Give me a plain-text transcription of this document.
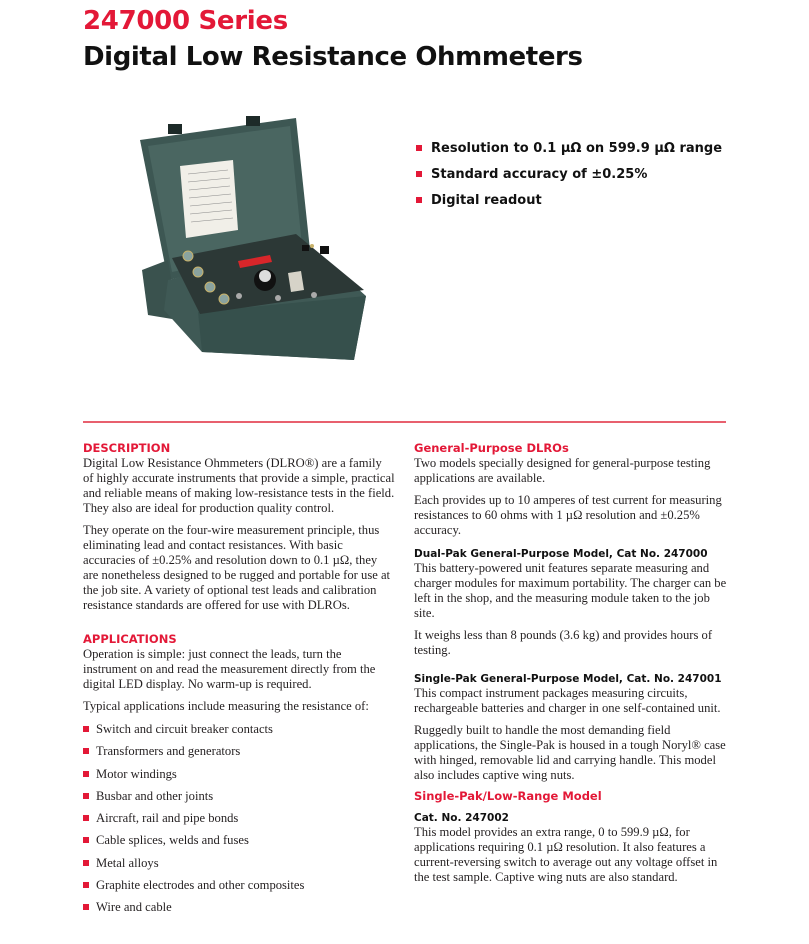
247000 Series
Digital Low Resistance Ohmmeters
Resolution to 0.1 µΩ on 599.9 µΩ range
Standard accuracy of ±0.25%
Digital readout
DESCRIPTION

Digital Low Resistance Ohmmeters (DLRO®) are a family of highly accurate instruments that provide a simple, practical and reliable means of making low-resistance tests in the field. They also are ideal for production quality control.

They operate on the four-wire measurement principle, thus eliminating lead and contact resistances. With basic accuracies of ±0.25% and resolution down to 0.1 µΩ, they are nonetheless designed to be rugged and portable for use at the job site. A variety of optional test leads and calibration resistance standards are offered for use with DLROs.

APPLICATIONS

Operation is simple: just connect the leads, turn the instrument on and read the measurement directly from the digital LED display. No warm-up is required.

Typical applications include measuring the resistance of:

Switch and circuit breaker contacts
Transformers and generators
Motor windings
Busbar and other joints
Aircraft, rail and pipe bonds
Cable splices, welds and fuses
Metal alloys
Graphite electrodes and other composites
Wire and cable
General-Purpose DLROs

Two models specially designed for general-purpose testing applications are available.

Each provides up to 10 amperes of test current for measuring resistances to 60 ohms with 1 µΩ resolution and ±0.25% accuracy.

Dual-Pak General-Purpose Model, Cat No. 247000

This battery-powered unit features separate measuring and charger modules for maximum portability. The charger can be left in the shop, and the measuring module taken to the job site.

It weighs less than 8 pounds (3.6 kg) and provides hours of testing.

Single-Pak General-Purpose Model, Cat. No. 247001

This compact instrument packages measuring circuits, rechargeable batteries and charger in one self-contained unit.

Ruggedly built to handle the most demanding field applications, the Single-Pak is housed in a tough Noryl® case with hinged, removable lid and carrying handle. This model also includes captive wing nuts.

Single-Pak/Low-Range Model
Cat. No. 247002

This model provides an extra range, 0 to 599.9 µΩ, for applications requiring 0.1 µΩ resolution. It also features a current-reversing switch to average out any voltage offset in the test sample. Captive wing nuts are also standard.
